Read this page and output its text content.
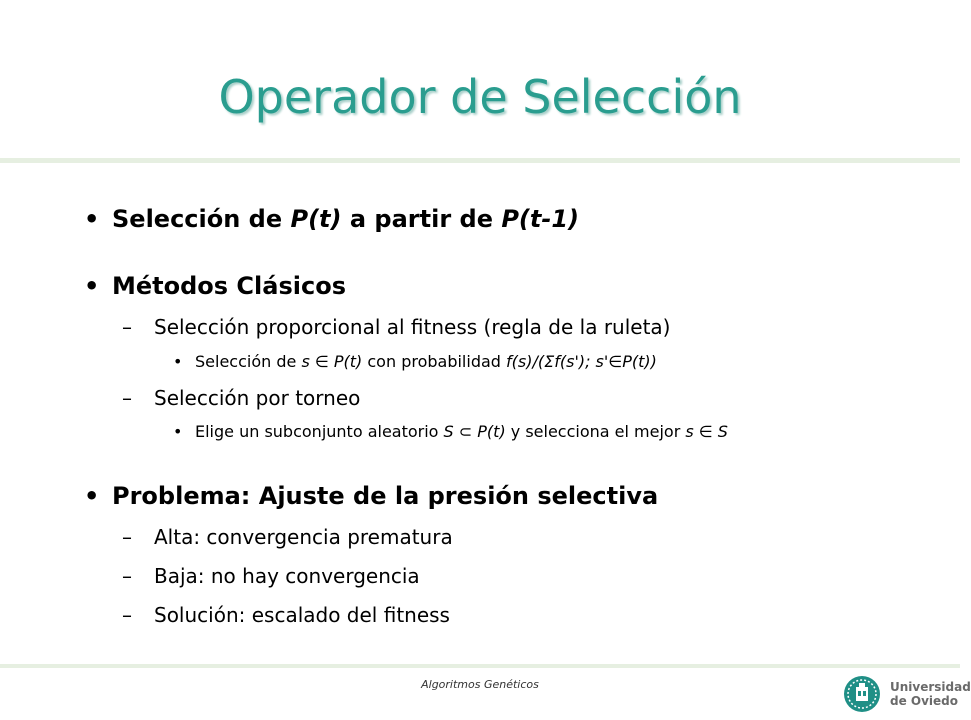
Operador de Selección
• Selección de P(t) a partir de P(t-1)
• Métodos Clásicos
– Selección proporcional al fitness (regla de la ruleta)
• Selección de s ∈ P(t) con probabilidad f(s)/(Σf(s'); s'∈P(t))
– Selección por torneo
• Elige un subconjunto aleatorio S ⊂ P(t) y selecciona el mejor s ∈ S
• Problema: Ajuste de la presión selectiva
– Alta: convergencia prematura
– Baja: no hay convergencia
– Solución: escalado del fitness
Algoritmos Genéticos	Universidad
de Oviedo
